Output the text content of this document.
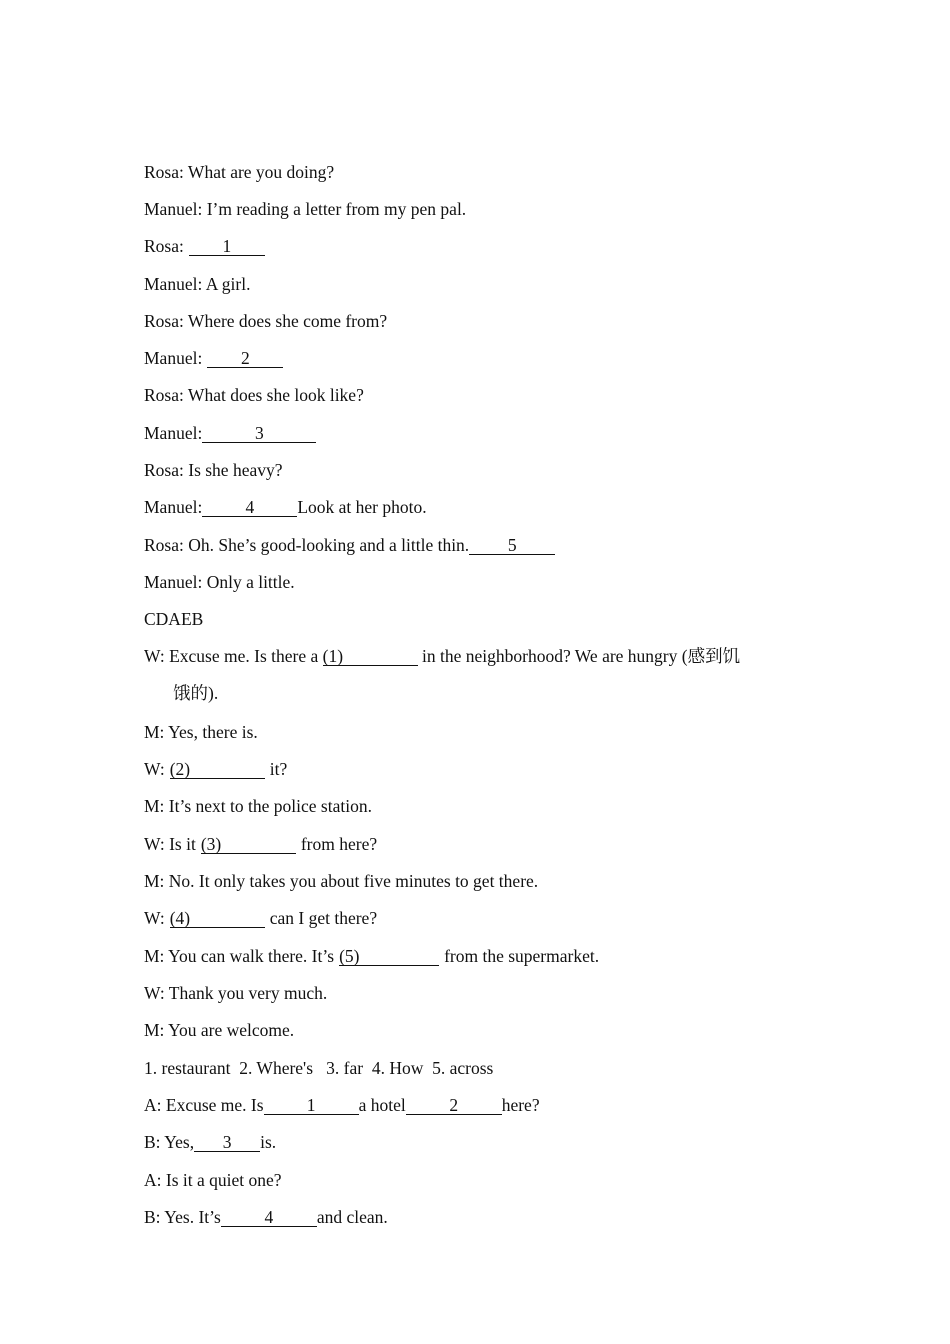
Rosa: What are you doing?
Manuel: I’m reading a letter from my pen pal.
Rosa: 1
Manuel: A girl.
Rosa: Where does she come from?
Manuel: 2
Rosa: What does she look like?
Manuel:	3
Rosa: Is she heavy?
Manuel: 4 Look at her photo.
Rosa: Oh. She’s good-looking and a little thin. 5
Manuel: Only a little.
CDAEB
W: Excuse me. Is there a (1)	in the neighborhood? We are hungry (感到饥
饿的).
M: Yes, there is.
W: (2)	it?
M: It’s next to the police station.
W: Is it (3)	from here?
M: No. It only takes you about five minutes to get there.
W: (4)	can I get there?
M: You can walk there. It’s (5)	from the supermarket.
W: Thank you very much.
M: You are welcome.
1. restaurant  2. Where's   3. far  4. How  5. across
A: Excuse me. Is 1 a hotel 2 here?
B: Yes, 3 is.
A: Is it a quiet one?
B: Yes. It’s 4 and clean.
